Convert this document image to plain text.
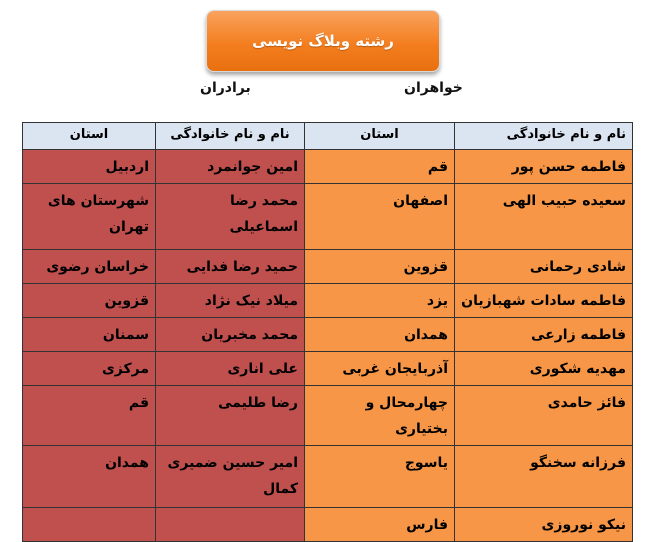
رشته وبلاگ نویسی
خواهران
برادران
نام و نام خانوادگی	استان	نام و نام خانوادگی	استان
فاطمه حسن پور	قم	امین جوانمرد	اردبیل
سعیده حبیب الهی	اصفهان	محمد رضا اسماعیلی	شهرستان های تهران
شادی رحمانی	قزوین	حمید رضا فدایی	خراسان رضوی
فاطمه سادات شهبازیان	یزد	میلاد نیک نژاد	قزوین
فاطمه زارعی	همدان	محمد مخبریان	سمنان
مهدیه شکوری	آذربایجان غربی	علی اناری	مرکزی
فائز حامدی	چهارمحال و بختیاری	رضا طلیمی	قم
فرزانه سخنگو	یاسوج	امیر حسین ضمیری کمال	همدان
نیکو نوروزی	فارس		
